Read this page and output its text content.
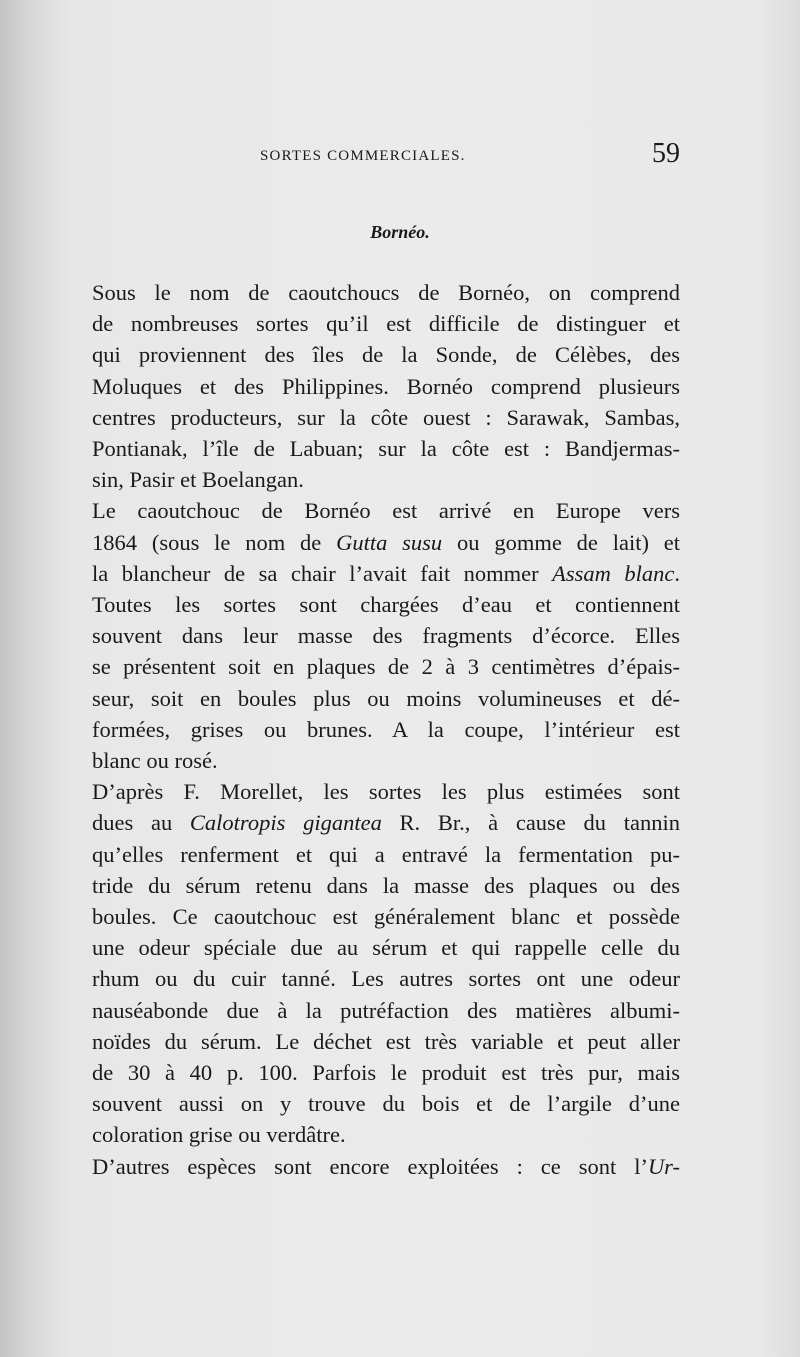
SORTES COMMERCIALES.	59
Bornéo.

Sous le nom de caoutchoucs de Bornéo, on comprend
de nombreuses sortes qu’il est difficile de distinguer et
qui proviennent des îles de la Sonde, de Célèbes, des
Moluques et des Philippines. Bornéo comprend plusieurs
centres producteurs, sur la côte ouest : Sarawak, Sambas,
Pontianak, l’île de Labuan; sur la côte est : Bandjermas-
sin, Pasir et Boelangan.

Le caoutchouc de Bornéo est arrivé en Europe vers
1864 (sous le nom de Gutta susu ou gomme de lait) et
la blancheur de sa chair l’avait fait nommer Assam blanc.
Toutes les sortes sont chargées d’eau et contiennent
souvent dans leur masse des fragments d’écorce. Elles
se présentent soit en plaques de 2 à 3 centimètres d’épais-
seur, soit en boules plus ou moins volumineuses et dé-
formées, grises ou brunes. A la coupe, l’intérieur est
blanc ou rosé.

D’après F. Morellet, les sortes les plus estimées sont
dues au Calotropis gigantea R. Br., à cause du tannin
qu’elles renferment et qui a entravé la fermentation pu-
tride du sérum retenu dans la masse des plaques ou des
boules. Ce caoutchouc est généralement blanc et possède
une odeur spéciale due au sérum et qui rappelle celle du
rhum ou du cuir tanné. Les autres sortes ont une odeur
nauséabonde due à la putréfaction des matières albumi-
noïdes du sérum. Le déchet est très variable et peut aller
de 30 à 40 p. 100. Parfois le produit est très pur, mais
souvent aussi on y trouve du bois et de l’argile d’une
coloration grise ou verdâtre.

D’autres espèces sont encore exploitées : ce sont l’Ur-
